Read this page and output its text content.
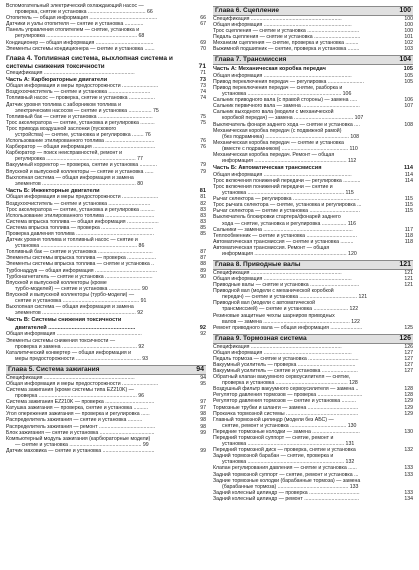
Вспомогательный электрический охлаждающий насос —
проверка, снятие и установка ........................................ 66
Отопитель — общая информация ...............................................	66
Датчики и узлы отопителя — снятие и установка .............	67
Панель управления отопителем — снятие, установка и
регулировка ............................................................... 68
Кондиционер — общая информация ........................................	69
Элементы системы кондиционера — снятие и установка .......	70
Глава 4. Топливная система, выхлопная система и
системы снижения токсичности	71
Спецификация ...............................................................	71
Часть А: Карбюраторные двигатели	73
Общая информация и меры предосторожности .........................	73
Воздухоочиститель — снятие и установка .............................	74
Топливный насос — проверка, снятие и установка ..................	74
Датчик уровня топлива с заборником топлива и
электрическим насосом — снятие и установка ................ 75
Топливный бак — снятие и установка ......................................	75
Трос акселератора — снятие, установка и регулировка ..........	75
Трос привода воздушной заслонки (пускового
устройства) — снятие, установка и регулировка ........ 76
Использование этилированного топлива ..................................	76
Карбюратор — общая информация ...........................................	76
Карбюратор — поиск неисправностей, ремонт и
регулировка .............................................................. 77
Вакуумный корректор — проверка, снятие и установка ............	79
Впускной и выпускной коллекторы — снятие и установка ......	79
Выхлопная система — общая информация и замена
элементов ................................................................. 80
Часть Б: Инжекторные двигатели	81
Общая информация и меры предосторожности .........................	81
Воздухоочиститель — снятие и установка .............................	82
Трос акселератора — снятие, установка и регулировка ..........	83
Использование этилированного топлива ..................................	83
Система впрыска топлива — общая информация ......................	83
Система впрыска топлива — проверка ....................................	85
Проверка давления топлива ......................................................	85
Датчик уровня топлива и топливный насос — снятие и
установка ................................................................... 86
Топливный бак — снятие и установка ......................................	87
Элементы системы впрыска топлива — проверка ....................	87
Элементы системы впрыска топлива — снятие и установка ..	88
Турбонаддув — общая информация ...........................................	89
Турбонагнетатель — снятие и установка .................................	90
Впускной и выпускной коллекторы (кроме
турбо-моделей) — снятие и установка ...................... 90
Впускной и выпускной коллекторы (турбо-модели) —
снятие и установка ..................................................... 91
Выхлопная система — общая информация и замена
элементов ................................................................. 92
Часть В: Системы снижения токсичности
двигателей ........................................................	92
Общая информация ...........................................................	92
Элементы системы снижения токсичности —
проверка и замена .................................................... 92
Каталитический конвертер — общая информация и
меры предосторожности ............................................. 93
Глава 5. Система зажигания	94
Спецификация ...............................................................	94
Общая информация и меры предосторожности .........................	95
Система зажигания (кроме системы типа EZ210K) —
проверка .................................................................... 96
Система зажигания EZ210K — проверка ..................................	97
Катушка зажигания — проверка, снятие и установка ..........	97
Угол опережения зажигания — проверка и регулировка ......	98
Распределитель зажигания — снятие и установка ..........	98
Распределитель зажигания — ремонт .......................................	98
Блок зажигания — снятие и установка ......................................	99
Компьютерный модуль зажигания (карбюраторные модели)
— снятие и установка .................................................. 99
Датчик маховика — снятие и установка ....................................	99
Глава 6. Сцепление	100
Спецификация ...............................................................	100
Общая информация .............................................................	100
Трос сцепления — снятие и установка ....................................	100
Педаль сцепления — снятие и установка ................................	101
Механизм сцепления — снятие, проверка и установка .........	102
Выжимной подшипник — снятие, проверка и установка ........	103
Глава 7. Трансмиссия	104
Часть А: Механическая коробка передач	105
Общая информация .............................................................	105
Привод переключения передач — регулировка .........................	105
Привод переключения передач — снятие, разборка и
установка ................................................................. 106
Сальник приводного вала (с правой стороны) — замена .....	106
Сальник первичного вала — замена ........................................	107
Сальник выходного вала (модели с механической
коробкой передач) — замена ......................................... 107
Выключатель фонаря заднего хода — снятие и установка ....	108
Механическая коробка передач (с подвижной рамой)
(без подрамника) .......................................................... 108
Механическая коробка передач — снятие и установка
(вместе с подрамником) .............................................. 110
Механическая коробка передач. Ремонт — общая
информация ................................................................ 112
Часть Б: Автоматическая трансмиссия	114
Общая информация .............................................................	114
Трос включения понижений передачи — регулировка ............	114
Трос включения понижений передачи — снятие и
установка ................................................................... 115
Рычаг селектора — регулировка ..............................................	115
Трос рычага селектора — снятие, установка и регулировка ...	115
Рычаг селектора — снятие и установка ...................................	115
Выключатель блокировки стартера/фонарей заднего
хода — снятие, установка и регулировка ................. 116
Сальники — замена ..............................................................	117
Теплообменник — снятие и установка ...................................	118
Автоматическая трансмиссия — снятие и установка .........	118
Автоматическая трансмиссия. Ремонт — общая
информация ................................................................ 120
Глава 8. Приводные валы	121
Спецификация ...............................................................	121
Общая информация .............................................................	121
Приводные валы — снятие и установка ..................................	121
Приводной вал (модели с механической коробкой
передач) — снятие и установка ........................................ 121
Приводной вал (модели с автоматической
трансмиссией) — снятие и установка ........................ 122
Резиновые защитные чехлы шарниров приводных
валов — замена ............................................................ 122
Ремонт приводного вала — общая информация ......................	125
Глава 9. Тормозная система	126
Спецификация ...............................................................	126
Общая информация .............................................................	127
Педаль тормоза — снятие и установка ...................................	127
Вакуумный усилитель — проверка ........................................	127
Вакуумный усилитель — снятие и установка .........................	127
Обратный клапан вакуумного сервоусилителя — снятие,
проверка и установка .................................................. 128
Воздушный фильтр вакуумного сервоусилителя — замена ..	128
Регулятор давления тормозов — проверка ...............................	128
Регулятор давления тормозов — снятие и установка ..........	129
Тормозные трубки и шланги — замена ...................................	129
Прокачка тормозной системы ..................................................	129
Главный тормозной цилиндр (модели без АБС) —
снятие, ремонт и установка ....................................... 130
Передние тормозные колодки — замена .................................	130
Передний тормозной суппорт — снятие, ремонт и
установка ................................................................... 131
Передний тормозной диск — проверка, снятие и установка	132
Задний тормозной барабан — снятие, проверка и
установка ................................................................... 132
Клапан регулирования давления — снятие и установка ......	133
Задний тормозной суппорт — снятие, ремонт и установка ...	133
Задние тормозные колодки (барабанные тормоза) — замена
(барабанные тормоза) ................................................. 133
Задний колесный цилиндр — проверка ...................................	133
Задний колесный цилиндр — ремонт ......................................	134
